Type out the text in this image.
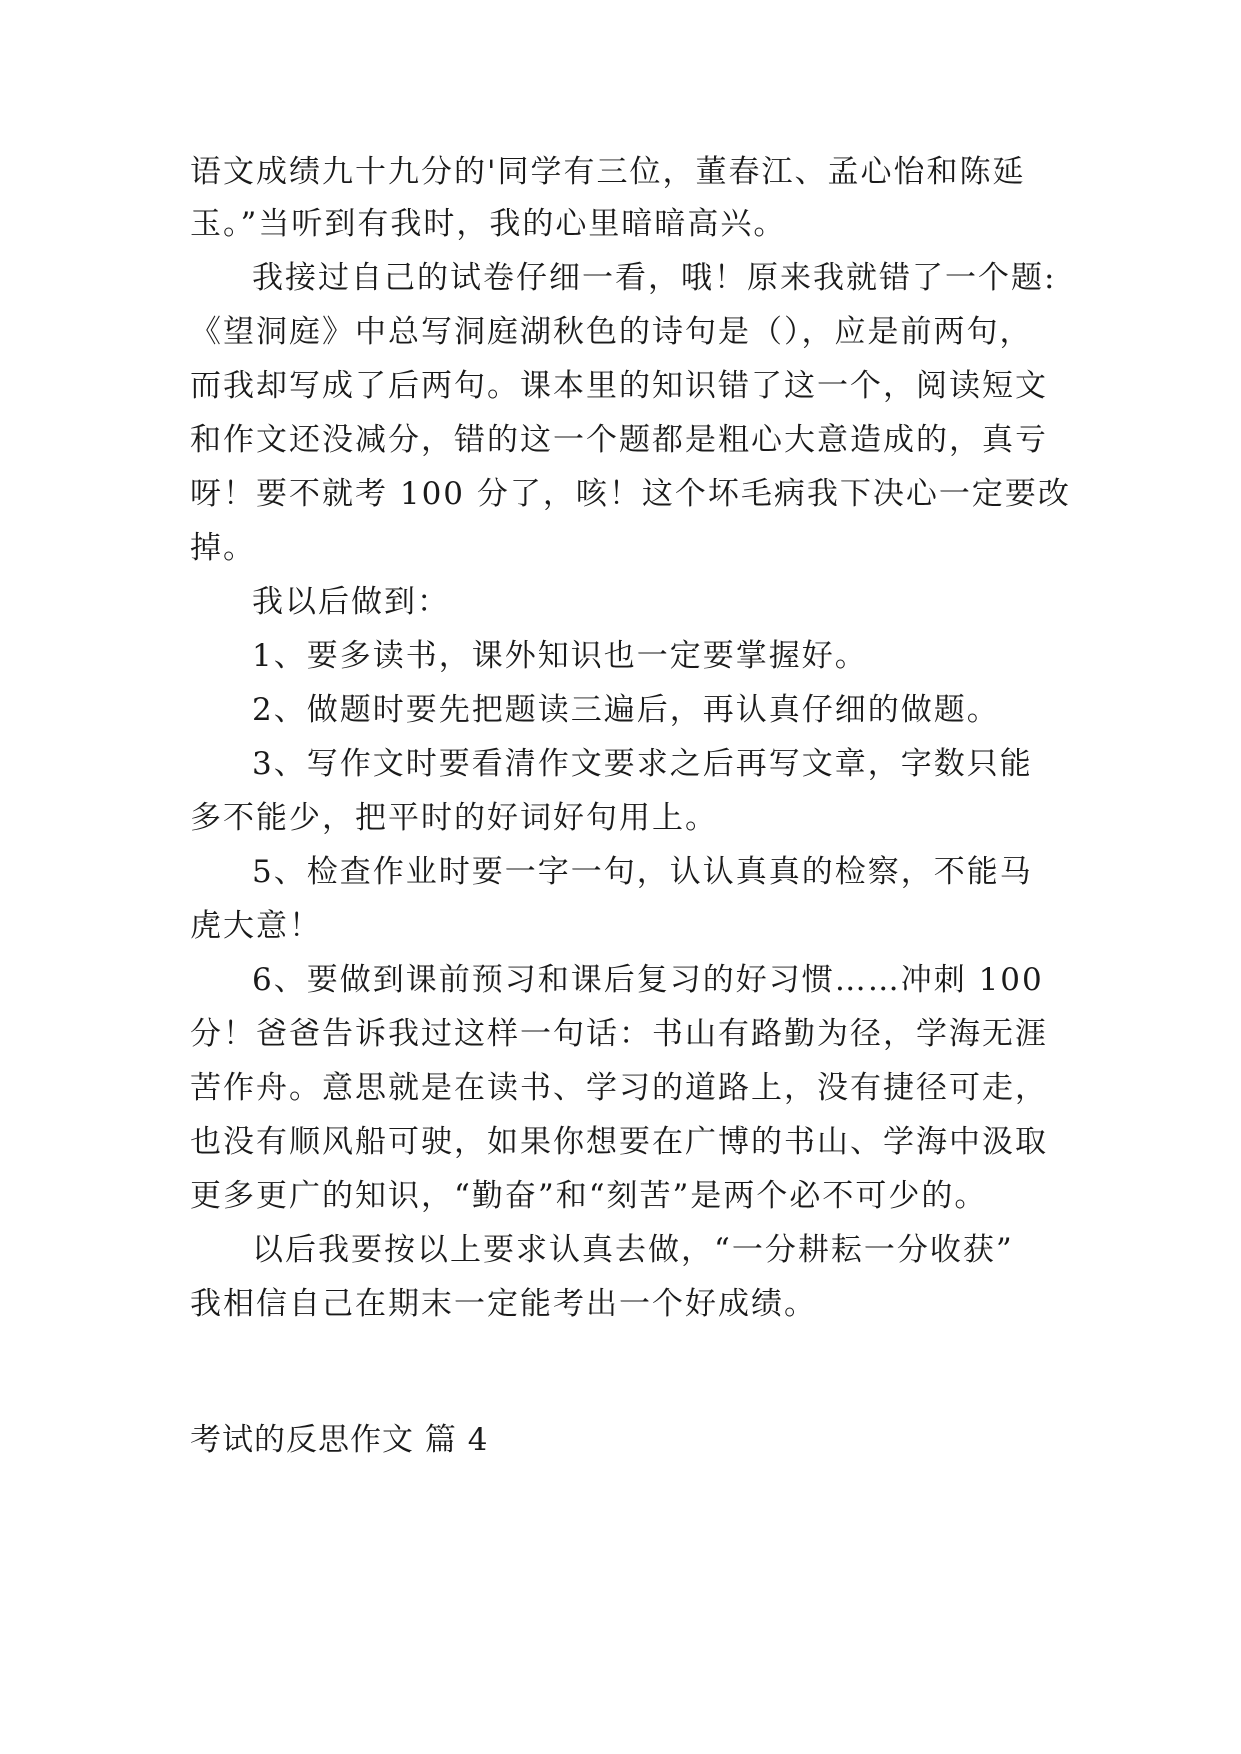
语文成绩九十九分的'同学有三位，董春江、孟心怡和陈延
玉。”当听到有我时，我的心里暗暗高兴。
我接过自己的试卷仔细一看，哦！原来我就错了一个题:
《望洞庭》中总写洞庭湖秋色的诗句是（），应是前两句，
而我却写成了后两句。课本里的知识错了这一个，阅读短文
和作文还没减分，错的这一个题都是粗心大意造成的，真亏
呀！要不就考 100 分了，咳！这个坏毛病我下决心一定要改
掉。
我以后做到：
1、要多读书，课外知识也一定要掌握好。
2、做题时要先把题读三遍后，再认真仔细的做题。
3、写作文时要看清作文要求之后再写文章，字数只能
多不能少，把平时的好词好句用上。
5、检查作业时要一字一句，认认真真的检察，不能马
虎大意！
6、要做到课前预习和课后复习的好习惯……冲刺 100
分！爸爸告诉我过这样一句话：书山有路勤为径，学海无涯
苦作舟。意思就是在读书、学习的道路上，没有捷径可走，
也没有顺风船可驶，如果你想要在广博的书山、学海中汲取
更多更广的知识，“勤奋”和“刻苦”是两个必不可少的。
以后我要按以上要求认真去做，“一分耕耘一分收获”
我相信自己在期末一定能考出一个好成绩。
考试的反思作文 篇 4
